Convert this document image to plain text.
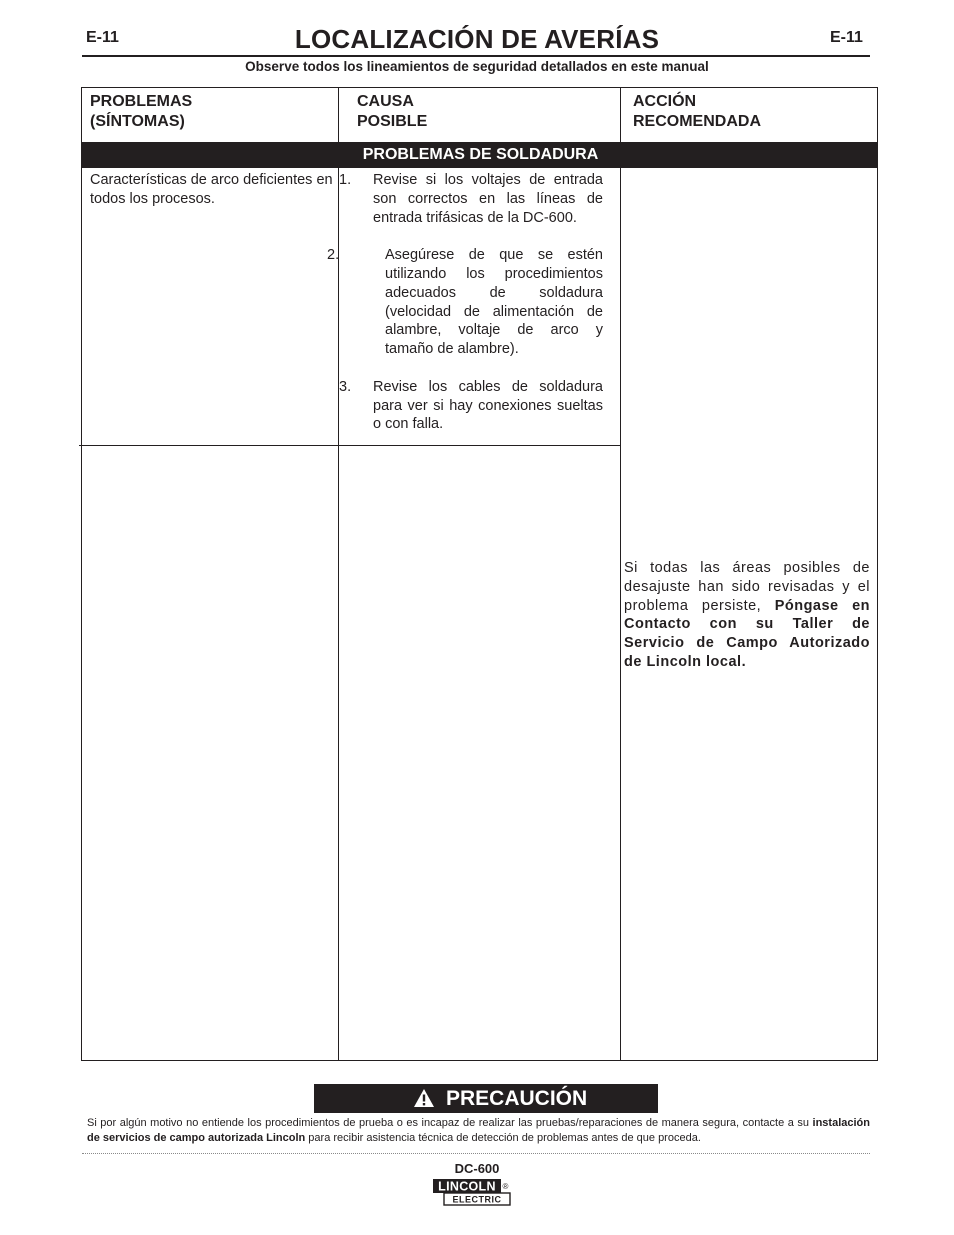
E-11	E-11
LOCALIZACIÓN DE AVERÍAS
Observe todos los lineamientos de seguridad detallados en este manual
PROBLEMAS
(SÍNTOMAS)
CAUSA
POSIBLE
ACCIÓN
RECOMENDADA
PROBLEMAS DE SOLDADURA
Características de arco deficientes en todos los procesos.
1. Revise si los voltajes de entrada son correctos en las líneas de entrada trifásicas de la DC-600.
2.	Asegúrese de que se estén utilizando los procedimientos adecuados de soldadura (velocidad de alimentación de alambre, voltaje de arco y tamaño de alambre).
3. Revise los cables de soldadura para ver si hay conexiones sueltas o con falla.
Si todas las áreas posibles de desajuste han sido revisadas y el problema persiste, Póngase en Contacto con su Taller de Servicio de Campo Autorizado de Lincoln local.
PRECAUCIÓN
Si por algún motivo no entiende los procedimientos de prueba o es incapaz de realizar las pruebas/reparaciones de manera segura, contacte a su instalación de servicios de campo autorizada Lincoln para recibir asistencia técnica de detección de problemas antes de que proceda.
DC-600
LINCOLN ®
ELECTRIC
